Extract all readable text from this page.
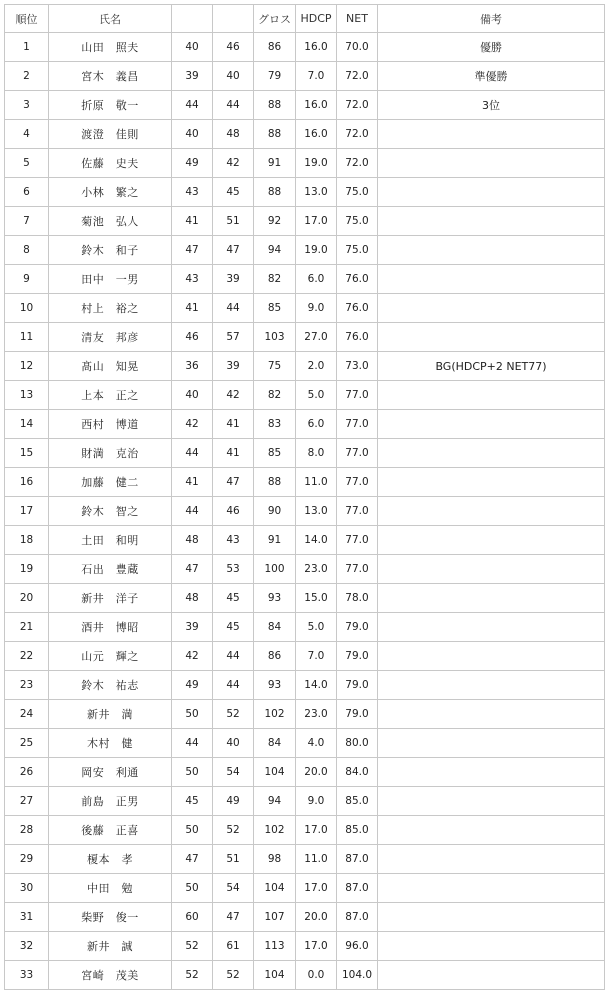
順位	氏名			グロス	HDCP	NET	備考
1	山田　照夫	40	46	86	16.0	70.0	優勝
2	宮木　義昌	39	40	79	7.0	72.0	準優勝
3	折原　敬一	44	44	88	16.0	72.0	3位
4	渡澄　佳則	40	48	88	16.0	72.0	
5	佐藤　史夫	49	42	91	19.0	72.0	
6	小林　繁之	43	45	88	13.0	75.0	
7	菊池　弘人	41	51	92	17.0	75.0	
8	鈴木　和子	47	47	94	19.0	75.0	
9	田中　一男	43	39	82	6.0	76.0	
10	村上　裕之	41	44	85	9.0	76.0	
11	清友　邦彦	46	57	103	27.0	76.0	
12	髙山　知晃	36	39	75	2.0	73.0	BG(HDCP+2 NET77)
13	上本　正之	40	42	82	5.0	77.0	
14	西村　博道	42	41	83	6.0	77.0	
15	財満　克治	44	41	85	8.0	77.0	
16	加藤　健二	41	47	88	11.0	77.0	
17	鈴木　智之	44	46	90	13.0	77.0	
18	土田　和明	48	43	91	14.0	77.0	
19	石出　豊蔵	47	53	100	23.0	77.0	
20	新井　洋子	48	45	93	15.0	78.0	
21	酒井　博昭	39	45	84	5.0	79.0	
22	山元　輝之	42	44	86	7.0	79.0	
23	鈴木　祐志	49	44	93	14.0	79.0	
24	新井　満	50	52	102	23.0	79.0	
25	木村　健	44	40	84	4.0	80.0	
26	岡安　利通	50	54	104	20.0	84.0	
27	前島　正男	45	49	94	9.0	85.0	
28	後藤　正喜	50	52	102	17.0	85.0	
29	榎本　孝	47	51	98	11.0	87.0	
30	中田　勉	50	54	104	17.0	87.0	
31	柴野　俊一	60	47	107	20.0	87.0	
32	新井　誠	52	61	113	17.0	96.0	
33	宮崎　茂美	52	52	104	0.0	104.0	
